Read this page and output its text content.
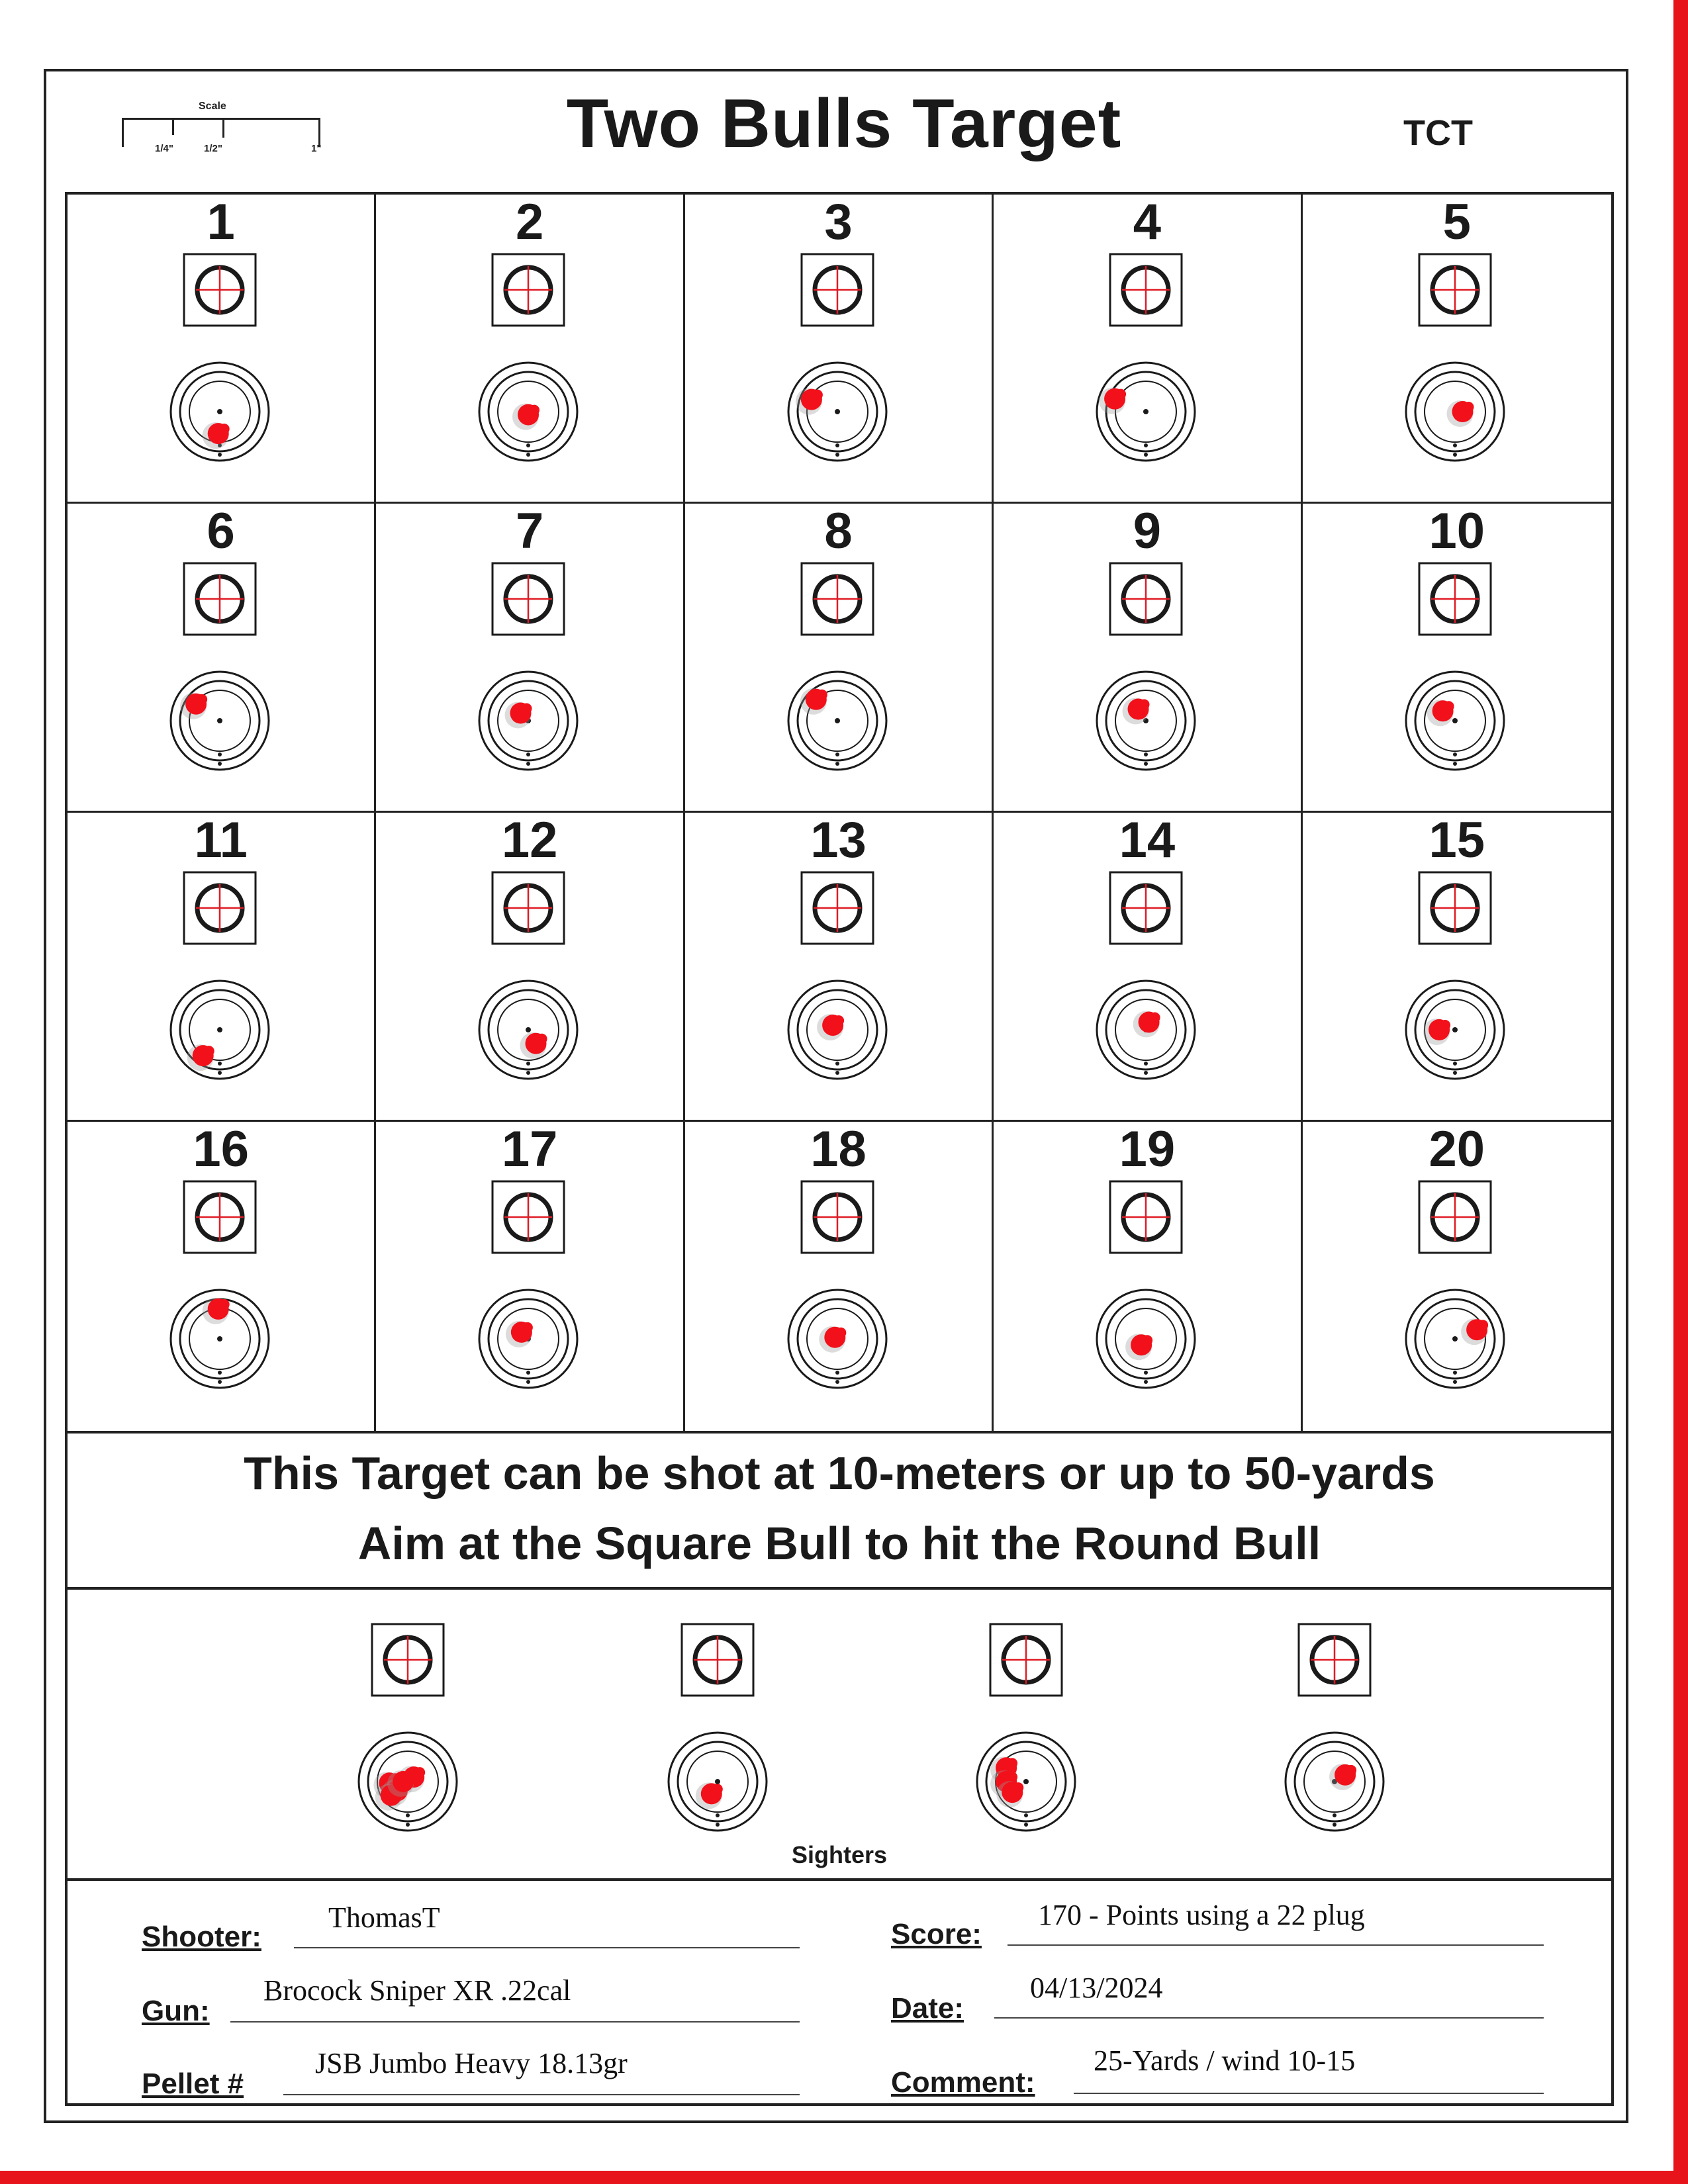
Scale
1/4"	1/2"	1"	Two Bulls Target	TCT
1	2	3	4	5
6	7	8	9	10
11	12	13	14	15
16	17	18	19	20
This Target can be shot at 10-meters or up to 50-yards
Aim at the Square Bull to hit the Round Bull
Sighters
Shooter:
ThomasT
Gun:
Brocock Sniper XR .22cal
Pellet #
JSB Jumbo Heavy 18.13gr
Score:
170 - Points using a 22 plug
Date:
04/13/2024
Comment:
25-Yards / wind 10-15
